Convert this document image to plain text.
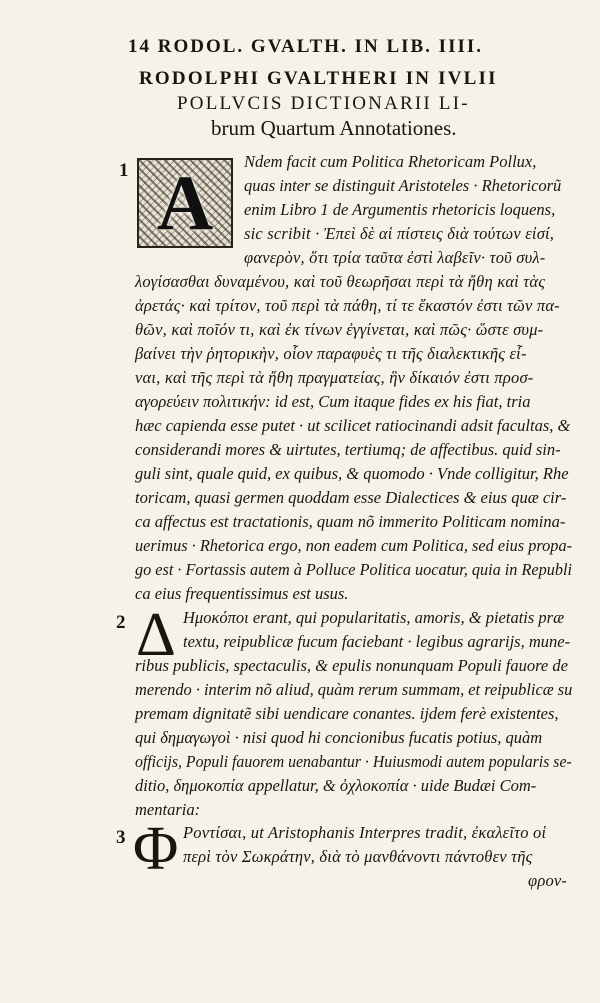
14 RODOL. GVALTH. IN LIB. IIII.
RODOLPHI GVALTHERI IN IVLII
POLLVCIS DICTIONARII LI-
brum Quartum Annotationes.
1 A	Ndem facit cum Politica Rhetoricam Pollux,
quas inter se distinguit Aristoteles · Rhetoricorũ
enim Libro 1 de Argumentis rhetoricis loquens,
sic scribit · Ἐπεὶ δὲ αἱ πίστεις διὰ τούτων εἰσί,
φανερὸν, ὅτι τρία ταῦτα ἐστὶ λαβεῖν· τοῦ συλ-
λογίσασθαι δυναμένου, καὶ τοῦ θεωρῆσαι περὶ τὰ ἤθη καὶ τὰς
ἀρετάς· καὶ τρίτον, τοῦ περὶ τὰ πάθη, τί τε ἕκαστόν ἐστι τῶν πα-
θῶν, καὶ ποῖόν τι, καὶ ἐκ τίνων ἐγγίνεται, καὶ πῶς· ὥστε συμ-
βαίνει τὴν ῥητορικὴν, οἷον παραφυὲς τι τῆς διαλεκτικῆς εἶ-
ναι, καὶ τῆς περὶ τὰ ἤθη πραγματείας, ἣν δίκαιόν ἐστι προσ-
αγορεύειν πολιτικήν: id est, Cum itaque fides ex his fiat, tria
hæc capienda esse putet · ut scilicet ratiocinandi adsit facultas, &
considerandi mores & uirtutes, tertiumq; de affectibus. quid sin-
guli sint, quale quid, ex quibus, & quomodo · Vnde colligitur, Rhe
toricam, quasi germen quoddam esse Dialectices & eius quæ cir-
ca affectus est tractationis, quam nõ immerito Politicam nomina-
uerimus · Rhetorica ergo, non eadem cum Politica, sed eius propa-
go est · Fortassis autem à Polluce Politica uocatur, quia in Republi
ca eius frequentissimus est usus.
2 Δ Ημοκόποι erant, qui popularitatis, amoris, & pietatis præ
textu, reipublicæ fucum faciebant · legibus agrarijs, mune-
ribus publicis, spectaculis, & epulis nonunquam Populi fauore de
merendo · interim nõ aliud, quàm rerum summam, et reipublicæ su
premam dignitatẽ sibi uendicare conantes. ijdem ferè existentes,
qui δημαγωγοὶ · nisi quod hi concionibus fucatis potius, quàm
officijs, Populi fauorem uenabantur · Huiusmodi autem popularis se-
ditio, δημοκοπία appellatur, & ὀχλοκοπία · uide Budæi Com-
mentaria:
3 Φ Ροντίσαι, ut Aristophanis Interpres tradit, ἐκαλεῖτο οἱ
περὶ τὸν Σωκράτην, διὰ τὸ μανθάνοντι πάντοθεν τῆς
φρον-
